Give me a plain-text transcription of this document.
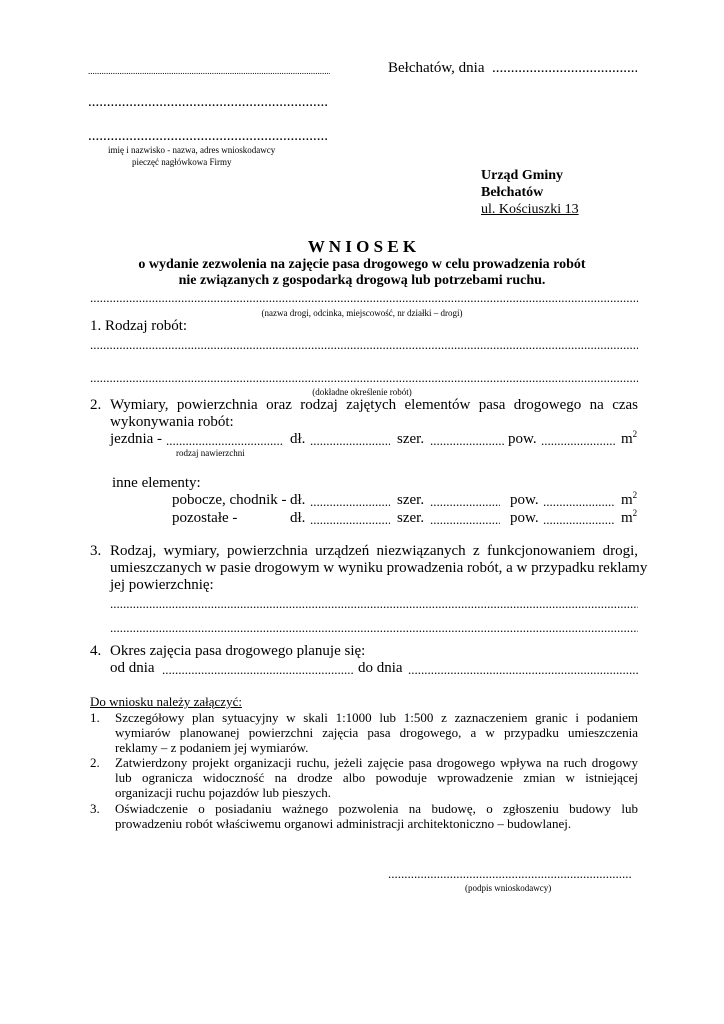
.....
Bełchatów, dnia
.....
.....
.....
imię i nazwisko - nazwa, adres wnioskodawcy
pieczęć nagłówkowa Firmy
Urząd Gminy
Bełchatów
ul. Kościuszki 13
W N I O S E K
o wydanie zezwolenia na zajęcie pasa drogowego w celu prowadzenia robót
nie związanych z gospodarką drogową lub potrzebami ruchu.
.....
(nazwa drogi, odcinka, miejscowość, nr działki – drogi)
1. Rodzaj robót:
.....
.....
(dokładne określenie robót)
2. Wymiary, powierzchnia oraz rodzaj zajętych elementów pasa drogowego na czas
wykonywania robót:
jezdnia - .....	dł. .....	szer. .....	pow. .....	$m^2$
rodzaj nawierzchni
inne elementy:
pobocze, chodnik - dł. .....	szer. .....	pow. .....	$m^2$
pozostałe -	dł. .....	szer. .....	pow. .....	$m^2$
3. Rodzaj, wymiary, powierzchnia urządzeń niezwiązanych z funkcjonowaniem drogi,
umieszczanych w pasie drogowym w wyniku prowadzenia robót, a w przypadku reklamy
jej powierzchnię:
.....
.....
4. Okres zajęcia pasa drogowego planuje się:
od dnia .....	do dnia
.....
Do wniosku należy załączyć:
1. Szczegółowy plan sytuacyjny w skali 1:1000 lub 1:500 z zaznaczeniem granic i podaniem
wymiarów planowanej powierzchni zajęcia pasa drogowego, a w przypadku umieszczenia
reklamy – z podaniem jej wymiarów.
2. Zatwierdzony projekt organizacji ruchu, jeżeli zajęcie pasa drogowego wpływa na ruch drogowy
lub ogranicza widoczność na drodze albo powoduje wprowadzenie zmian w istniejącej
organizacji ruchu pojazdów lub pieszych.
3. Oświadczenie o posiadaniu ważnego pozwolenia na budowę, o zgłoszeniu budowy lub
prowadzeniu robót właściwemu organowi administracji architektoniczno – budowlanej.
.....
(podpis wnioskodawcy)
